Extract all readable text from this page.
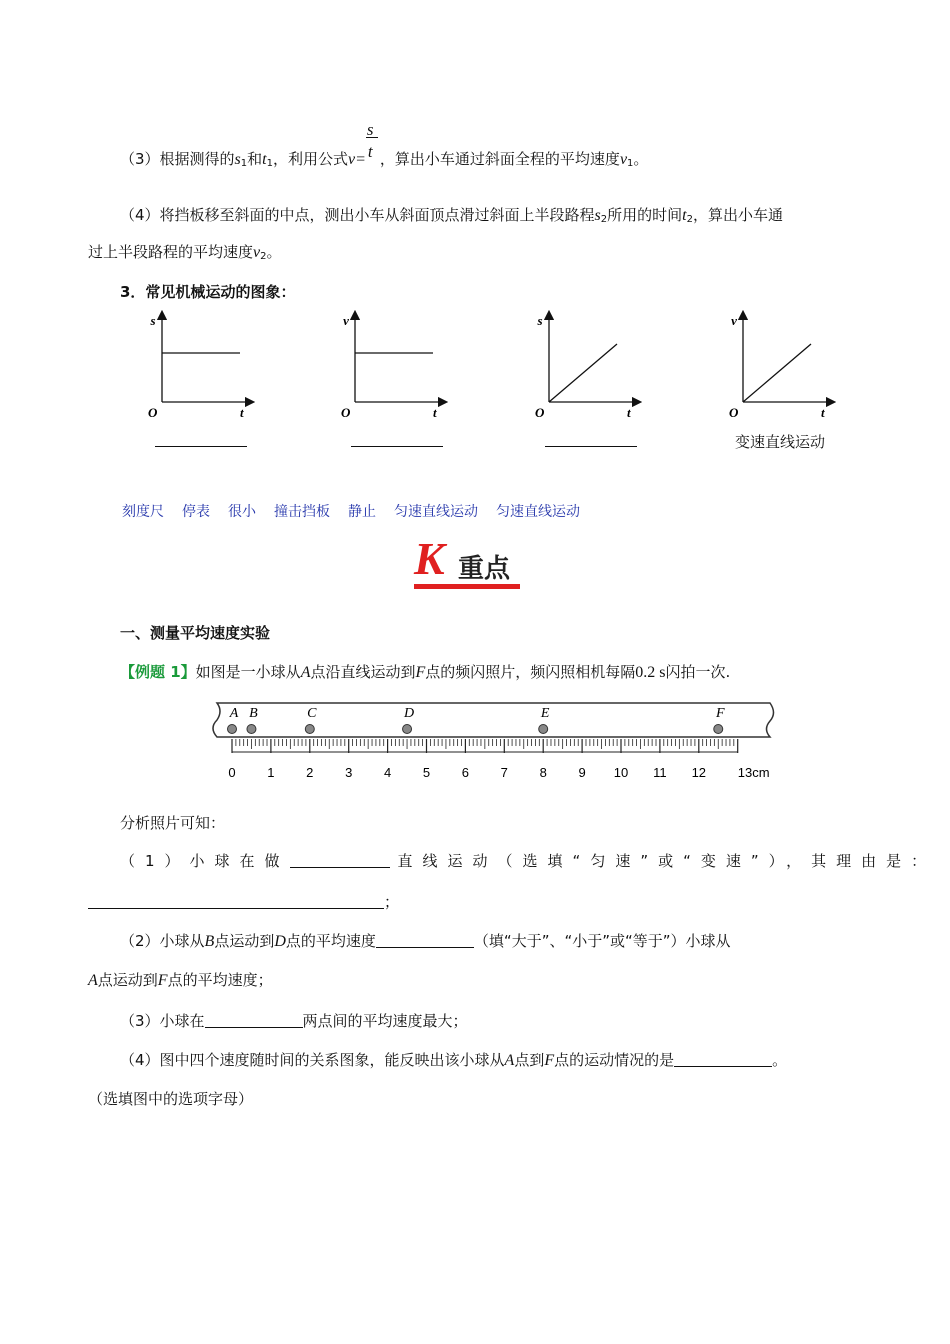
（3）根据测得的$s_1$和$t_1$，利用公式$v= \frac{s}{t}$ ，算出小车通过斜面全程的平均速度$v_1$。
（4）将挡板移至斜面的中点，测出小车从斜面顶点滑过斜面上半段路程$s_2$所用的时间$t_2$，算出小车通
过上半段路程的平均速度$v_2$。
3．常见机械运动的图象：
s
t
O
v
t
O
s
t
O
v
t
O
变速直线运动
刻度尺 停表 很小 撞击挡板 静止 匀速直线运动 匀速直线运动
K 重点
一、测量平均速度实验
【例题 1】如图是一小球从A点沿直线运动到F点的频闪照片，频闪照相机每隔0.2 s闪拍一次.
0 1 2 3 4 5 6 7 8 9 10 11 12 13cm
A B	C	D	E	F
分析照片可知：
（1）小球在做	直线运动（选填“匀速”或“变速”），其理由是：
；
（2）小球从B点运动到D点的平均速度	（填“大于”、“小于”或“等于”）小球从
A点运动到F点的平均速度；
（3）小球在	两点间的平均速度最大；
（4）图中四个速度随时间的关系图象，能反映出该小球从A点到F点的运动情况的是	。
（选填图中的选项字母）
